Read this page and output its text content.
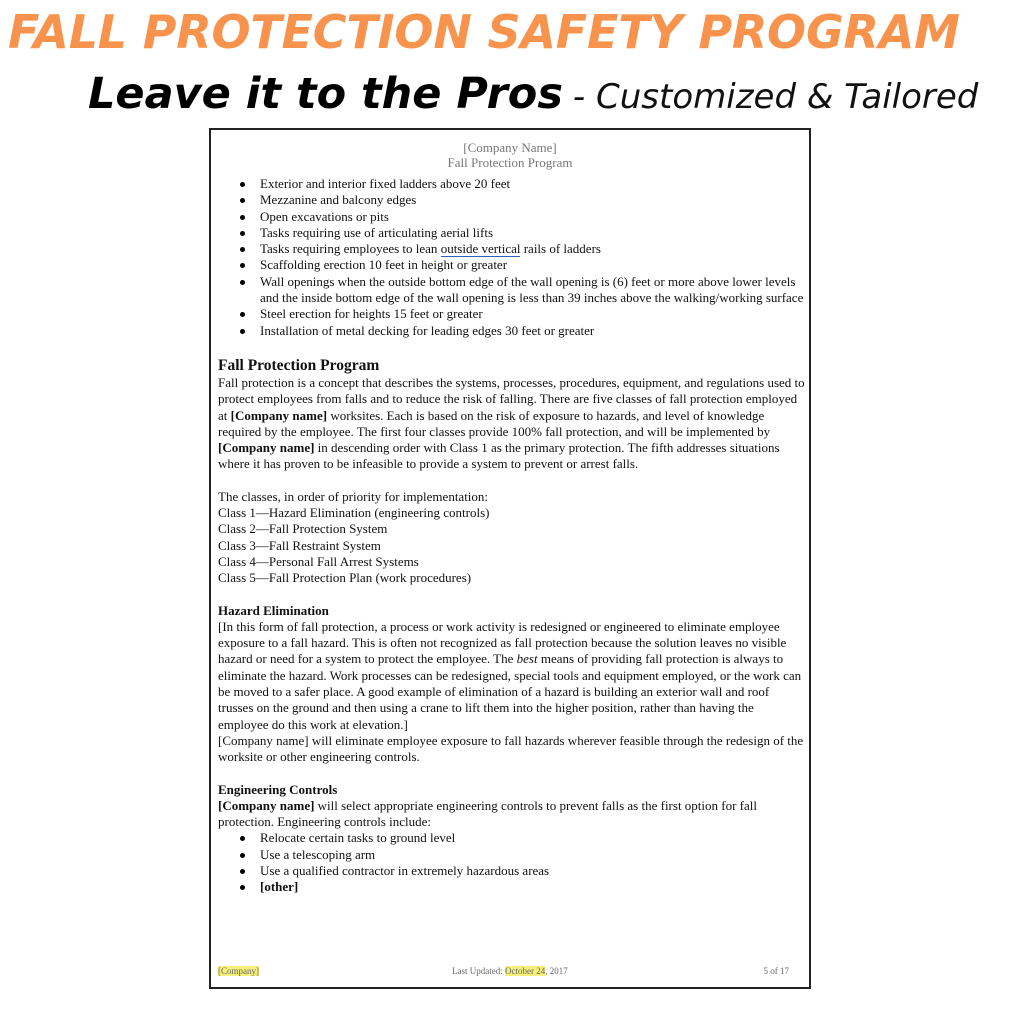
FALL PROTECTION SAFETY PROGRAM
Leave it to the Pros - Customized & Tailored
[Company Name]
Fall Protection Program
Exterior and interior fixed ladders above 20 feet
Mezzanine and balcony edges
Open excavations or pits
Tasks requiring use of articulating aerial lifts
Tasks requiring employees to lean outside vertical rails of ladders
Scaffolding erection 10 feet in height or greater
Wall openings when the outside bottom edge of the wall opening is (6) feet or more above lower levels and the inside bottom edge of the wall opening is less than 39 inches above the walking/working surface
Steel erection for heights 15 feet or greater
Installation of metal decking for leading edges 30 feet or greater
Fall Protection Program

Fall protection is a concept that describes the systems, processes, procedures, equipment, and regulations used to protect employees from falls and to reduce the risk of falling. There are five classes of fall protection employed at [Company name] worksites. Each is based on the risk of exposure to hazards, and level of knowledge required by the employee. The first four classes provide 100% fall protection, and will be implemented by [Company name] in descending order with Class 1 as the primary protection. The fifth addresses situations where it has proven to be infeasible to provide a system to prevent or arrest falls.

The classes, in order of priority for implementation:

Class 1—Hazard Elimination (engineering controls)

Class 2—Fall Protection System

Class 3—Fall Restraint System

Class 4—Personal Fall Arrest Systems

Class 5—Fall Protection Plan (work procedures)

Hazard Elimination

[In this form of fall protection, a process or work activity is redesigned or engineered to eliminate employee exposure to a fall hazard. This is often not recognized as fall protection because the solution leaves no visible hazard or need for a system to protect the employee. The best means of providing fall protection is always to eliminate the hazard. Work processes can be redesigned, special tools and equipment employed, or the work can be moved to a safer place. A good example of elimination of a hazard is building an exterior wall and roof trusses on the ground and then using a crane to lift them into the higher position, rather than having the employee do this work at elevation.]

[Company name] will eliminate employee exposure to fall hazards wherever feasible through the redesign of the worksite or other engineering controls.

Engineering Controls

[Company name] will select appropriate engineering controls to prevent falls as the first option for fall protection. Engineering controls include:

Relocate certain tasks to ground level
Use a telescoping arm
Use a qualified contractor in extremely hazardous areas
[other]
[Company]	Last Updated: October 24, 2017	5 of 17
